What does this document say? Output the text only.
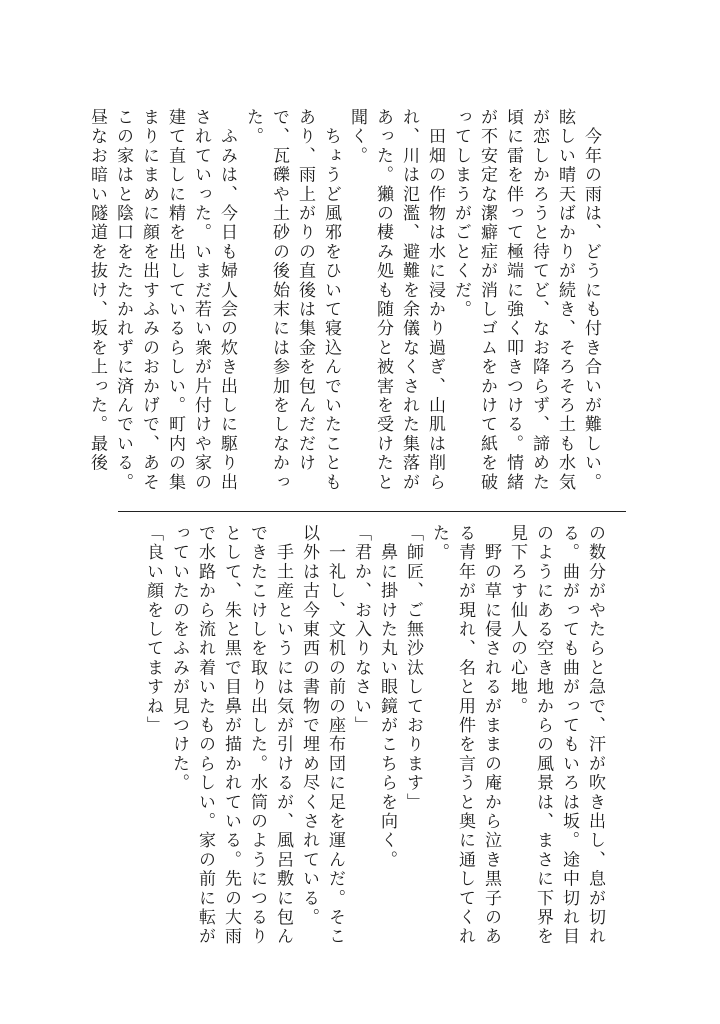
　今年の雨は、どうにも付き合いが難しい。眩しい晴天ばかりが続き、そろそろ土も水気が恋しかろうと待てど、なお降らず、諦めた頃に雷を伴って極端に強く叩きつける。情緒が不安定な潔癖症が消しゴムをかけて紙を破ってしまうがごとくだ。

　田畑の作物は水に浸かり過ぎ、山肌は削られ、川は氾濫、避難を余儀なくされた集落があった。獺の棲み処も随分と被害を受けたと聞く。

　ちょうど風邪をひいて寝込んでいたこともあり、雨上がりの直後は集金を包んだだけで、瓦礫や土砂の後始末には参加をしなかった。

　ふみは、今日も婦人会の炊き出しに駆り出されていった。いまだ若い衆が片付けや家の建て直しに精を出しているらしい。町内の集まりにまめに顔を出すふみのおかげで、あそこの家はと陰口をたたかれずに済んでいる。

昼なお暗い隧道を抜け、坂を上った。最後

の数分がやたらと急で、汗が吹き出し、息が切れる。曲がっても曲がってもいろは坂。途中切れ目のようにある空き地からの風景は、まさに下界を見下ろす仙人の心地。

　野の草に侵されるがままの庵から泣き黒子のある青年が現れ、名と用件を言うと奥に通してくれた。

「師匠、ご無沙汰しております」

　鼻に掛けた丸い眼鏡がこちらを向く。

「君か、お入りなさい」

　一礼し、文机の前の座布団に足を運んだ。そこ以外は古今東西の書物で埋め尽くされている。

　手土産というには気が引けるが、風呂敷に包んできたこけしを取り出した。水筒のようにつるりとして、朱と黒で目鼻が描かれている。先の大雨で水路から流れ着いたものらしい。家の前に転がっていたのをふみが見つけた。

「良い顔をしてますね」
